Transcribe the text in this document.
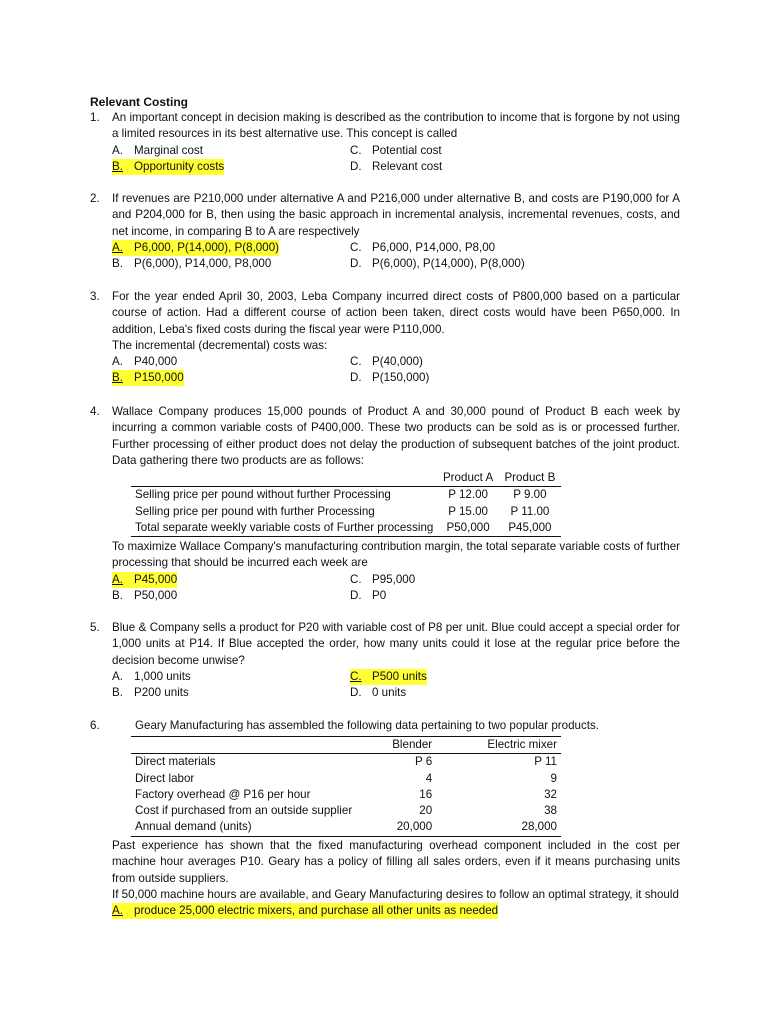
Relevant Costing
1. An important concept in decision making is described as the contribution to income that is forgone by not using a limited resources in its best alternative use. This concept is called
A. Marginal cost
B. Opportunity costs
C. Potential cost
D. Relevant cost
2. If revenues are P210,000 under alternative A and P216,000 under alternative B, and costs are P190,000 for A and P204,000 for B, then using the basic approach in incremental analysis, incremental revenues, costs, and net income, in comparing B to A are respectively
A. P6,000, P(14,000), P(8,000)
B. P(6,000), P14,000, P8,000
C. P6,000, P14,000, P8,00
D. P(6,000), P(14,000), P(8,000)
3. For the year ended April 30, 2003, Leba Company incurred direct costs of P800,000 based on a particular course of action. Had a different course of action been taken, direct costs would have been P650,000. In addition, Leba's fixed costs during the fiscal year were P110,000.
The incremental (decremental) costs was:
A. P40,000
B. P150,000
C. P(40,000)
D. P(150,000)
4. Wallace Company produces 15,000 pounds of Product A and 30,000 pound of Product B each week by incurring a common variable costs of P400,000. These two products can be sold as is or processed further. Further processing of either product does not delay the production of subsequent batches of the joint product. Data gathering there two products are as follows:
	Product A	Product B
Selling price per pound without further Processing	P 12.00	P 9.00
Selling price per pound with further Processing	P 15.00	P 11.00
Total separate weekly variable costs of Further processing	P50,000	P45,000
To maximize Wallace Company's manufacturing contribution margin, the total separate variable costs of further processing that should be incurred each week are
A. P45,000
B. P50,000
C. P95,000
D. P0
5. Blue & Company sells a product for P20 with variable cost of P8 per unit. Blue could accept a special order for 1,000 units at P14. If Blue accepted the order, how many units could it lose at the regular price before the decision become unwise?
A. 1,000 units
B. P200 units
C. P500 units
D. 0 units
6.	Geary Manufacturing has assembled the following data pertaining to two popular products.
	Blender	Electric mixer
Direct materials	P 6	P 11
Direct labor	4	9
Factory overhead @ P16 per hour	16	32
Cost if purchased from an outside supplier	20	38
Annual demand (units)	20,000	28,000
Past experience has shown that the fixed manufacturing overhead component included in the cost per machine hour averages P10. Geary has a policy of filling all sales orders, even if it means purchasing units from outside suppliers.
If 50,000 machine hours are available, and Geary Manufacturing desires to follow an optimal strategy, it should
A. produce 25,000 electric mixers, and purchase all other units as needed
